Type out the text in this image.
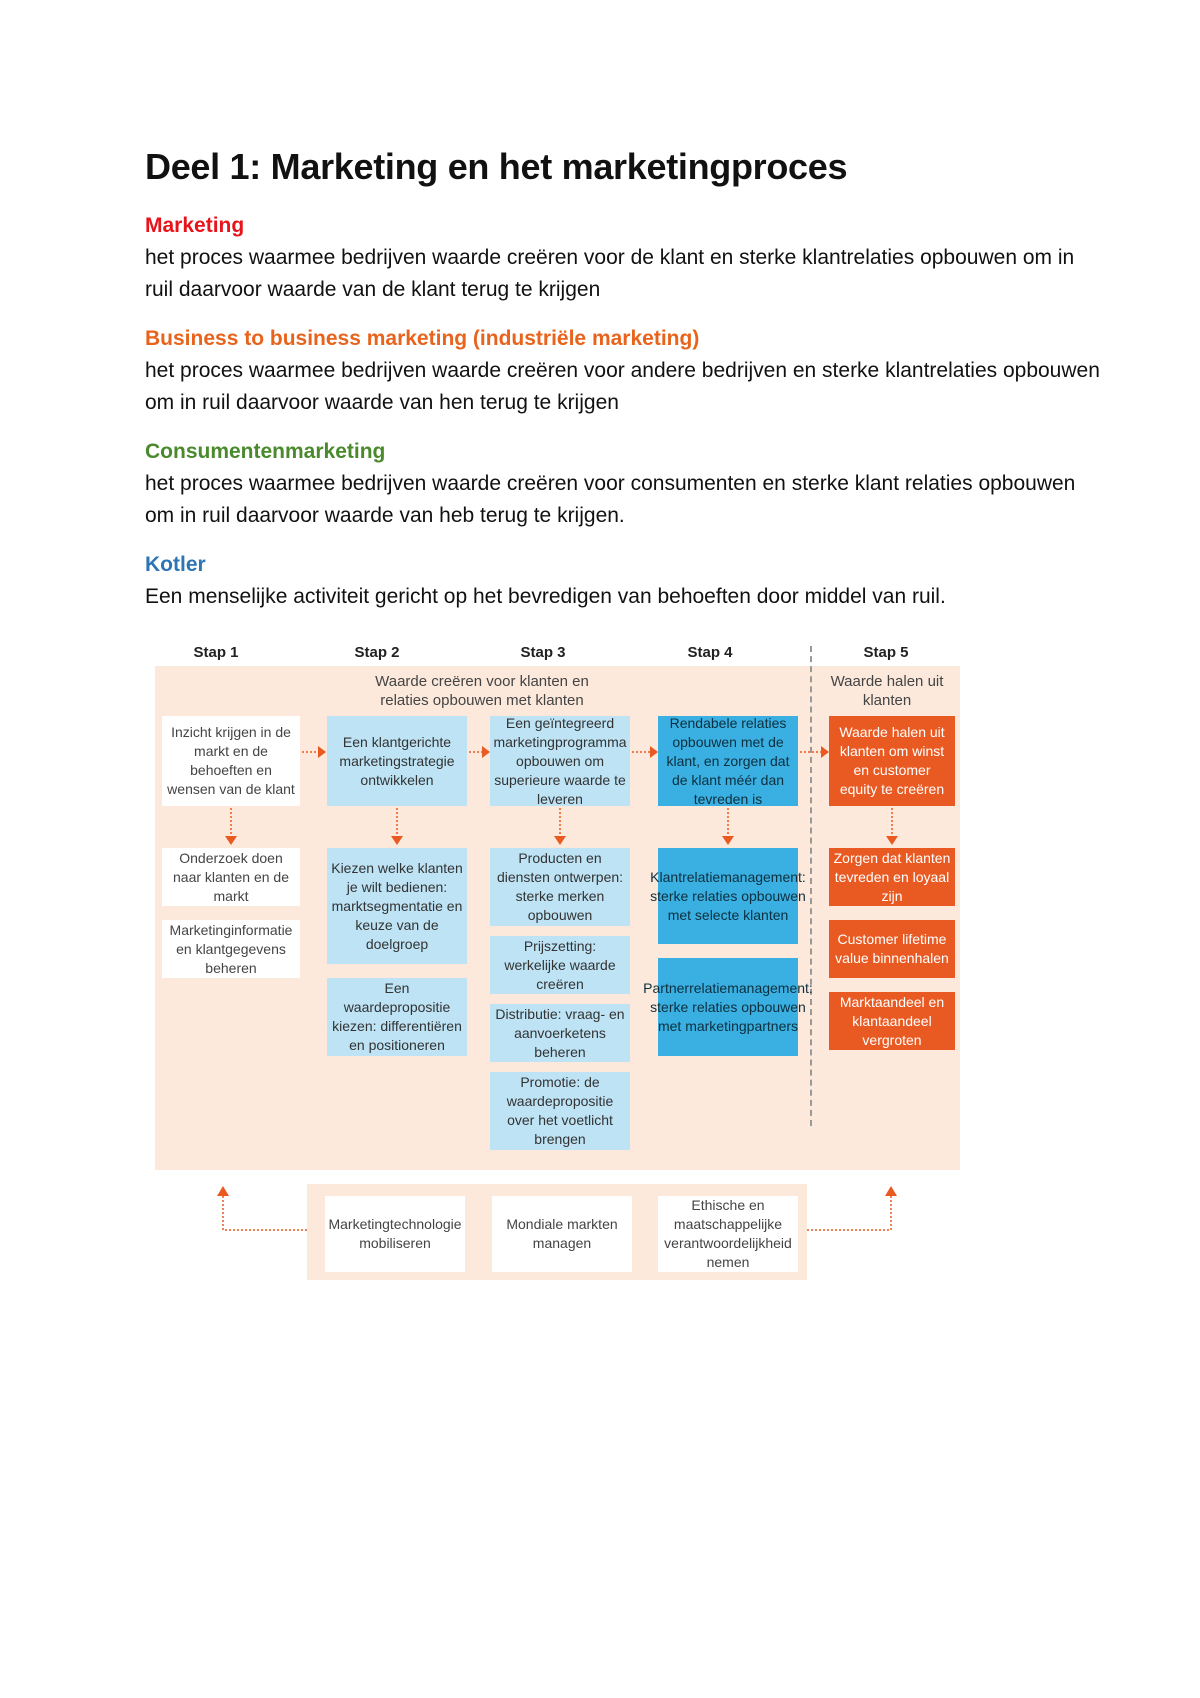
Deel 1: Marketing en het marketingproces

Marketing

het proces waarmee bedrijven waarde creëren voor de klant en sterke klantrelaties opbouwen om in ruil daarvoor waarde van de klant terug te krijgen

Business to business marketing (industriële marketing)

het proces waarmee bedrijven waarde creëren voor andere bedrijven en sterke klantrelaties opbouwen om in ruil daarvoor waarde van hen terug te krijgen

Consumentenmarketing

het proces waarmee bedrijven waarde creëren voor consumenten en sterke klant relaties opbouwen om in ruil daarvoor waarde van heb terug te krijgen.

Kotler

Een menselijke activiteit gericht op het bevredigen van behoeften door middel van ruil.

Stap 1	Stap 2	Stap 3	Stap 4	Stap 5
Waarde creëren voor klanten en relaties opbouwen met klanten
Waarde halen uit klanten
Inzicht krijgen in de markt en de behoeften en wensen van de klant
Onderzoek doen naar klanten en de markt
Marketinginformatie en klantgegevens beheren
Een klantgerichte marketingstrategie ontwikkelen
Kiezen welke klanten je wilt bedienen: marktsegmentatie en keuze van de doelgroep
Een waardepropositie kiezen: differentiëren en positioneren
Een geïntegreerd marketingprogramma opbouwen om superieure waarde te leveren
Producten en diensten ontwerpen: sterke merken opbouwen
Prijszetting: werkelijke waarde creëren
Distributie: vraag- en aanvoerketens beheren
Promotie: de waardepropositie over het voetlicht brengen
Rendabele relaties opbouwen met de klant, en zorgen dat de klant méér dan tevreden is
Klantrelatiemanagement: sterke relaties opbouwen met selecte klanten
Partnerrelatiemanagement: sterke relaties opbouwen met marketingpartners
Waarde halen uit klanten om winst en customer equity te creëren
Zorgen dat klanten tevreden en loyaal zijn
Customer lifetime value binnenhalen
Marktaandeel en klantaandeel vergroten
Marketingtechnologie mobiliseren
Mondiale markten managen
Ethische en maatschappelijke verantwoordelijkheid nemen
